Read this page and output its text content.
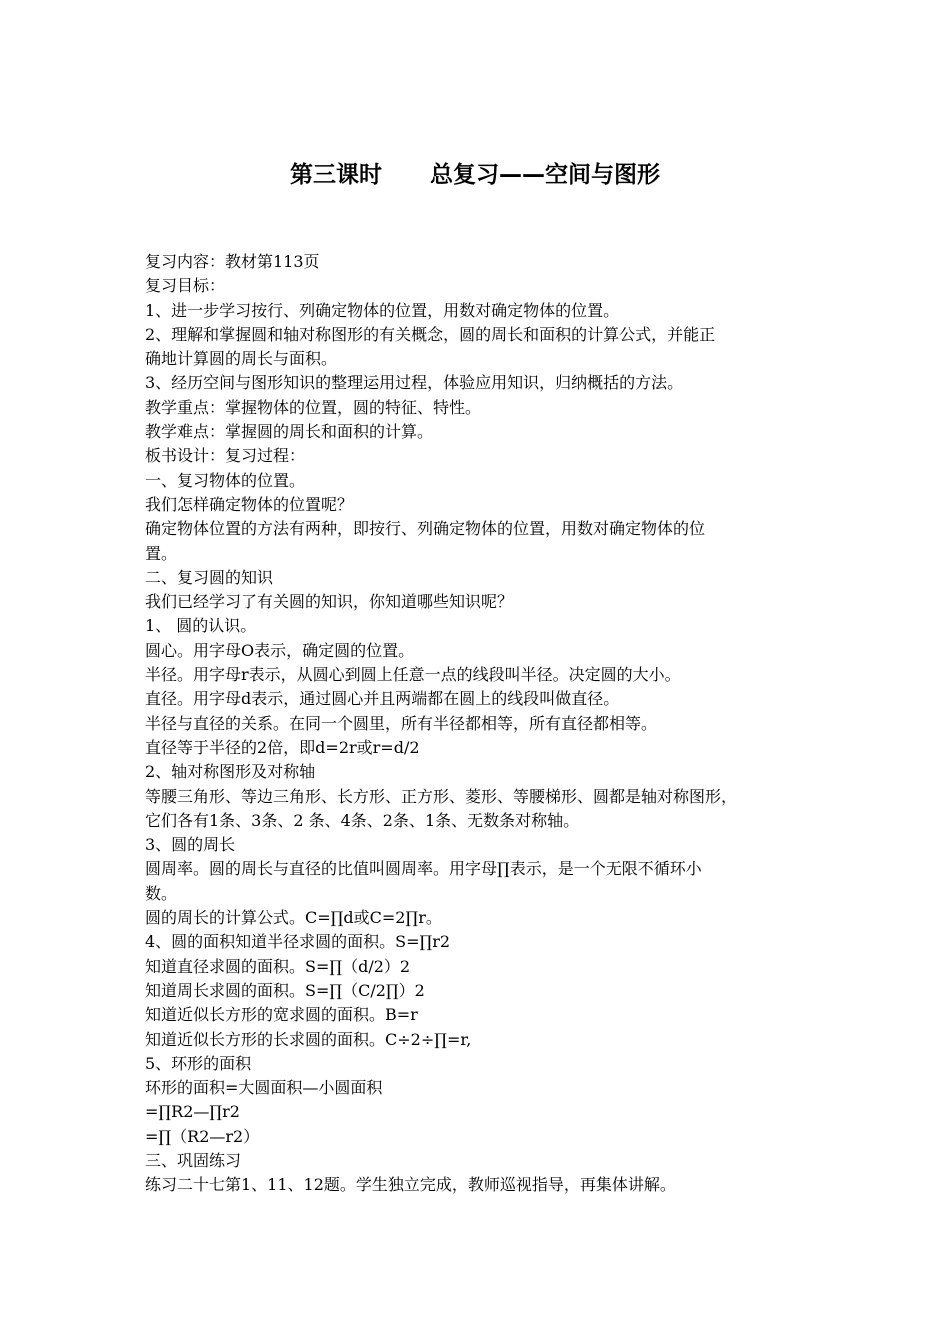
第三课时      总复习——空间与图形

复习内容：教材第113页

复习目标：

1、进一步学习按行、列确定物体的位置，用数对确定物体的位置。

2、理解和掌握圆和轴对称图形的有关概念，圆的周长和面积的计算公式，并能正

确地计算圆的周长与面积。

3、经历空间与图形知识的整理运用过程，体验应用知识，归纳概括的方法。

教学重点：掌握物体的位置，圆的特征、特性。

教学难点：掌握圆的周长和面积的计算。

板书设计：复习过程：

一、复习物体的位置。

我们怎样确定物体的位置呢？

确定物体位置的方法有两种，即按行、列确定物体的位置，用数对确定物体的位

置。

二、复习圆的知识

我们已经学习了有关圆的知识，你知道哪些知识呢？

1、 圆的认识。

圆心。用字母O表示，确定圆的位置。

半径。用字母r表示，从圆心到圆上任意一点的线段叫半径。决定圆的大小。

直径。用字母d表示，通过圆心并且两端都在圆上的线段叫做直径。

半径与直径的关系。在同一个圆里，所有半径都相等，所有直径都相等。

直径等于半径的2倍，即d=2r或r=d/2

2、轴对称图形及对称轴

等腰三角形、等边三角形、长方形、正方形、菱形、等腰梯形、圆都是轴对称图形，

它们各有1条、3条、2 条、4条、2条、1条、无数条对称轴。

3、圆的周长

圆周率。圆的周长与直径的比值叫圆周率。用字母∏表示，是一个无限不循环小

数。

圆的周长的计算公式。C=∏d或C=2∏r。

4、圆的面积知道半径求圆的面积。S=∏r2

知道直径求圆的面积。S=∏（d/2）2

知道周长求圆的面积。S=∏（C/2∏）2

知道近似长方形的宽求圆的面积。B=r

知道近似长方形的长求圆的面积。C÷2÷∏=r,

5、环形的面积

环形的面积=大圆面积—小圆面积

=∏R2—∏r2

=∏（R2—r2）

三、巩固练习

练习二十七第1、11、12题。学生独立完成，教师巡视指导，再集体讲解。
